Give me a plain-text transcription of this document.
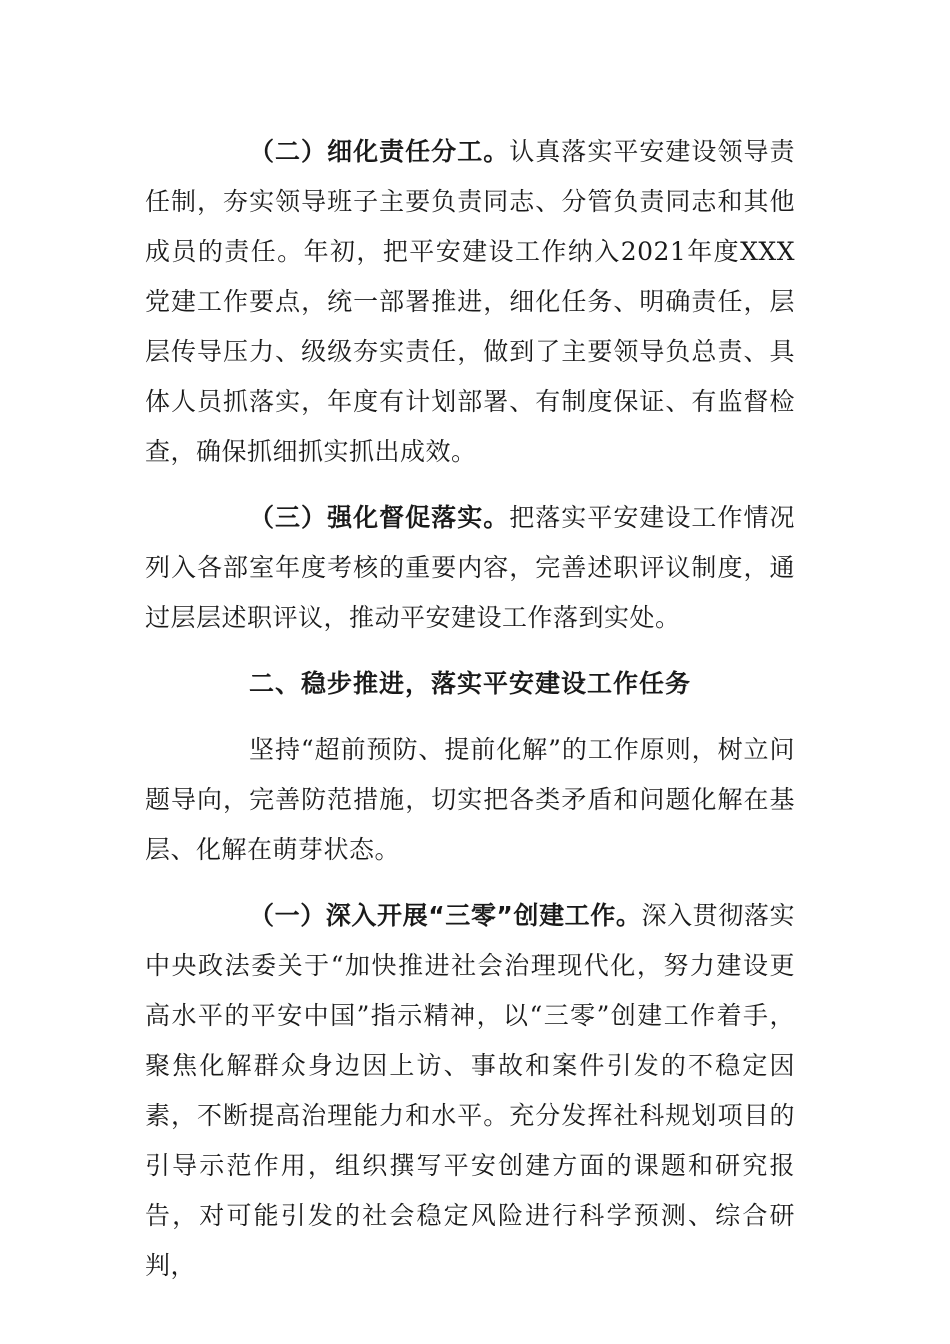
（二）细化责任分工。认真落实平安建设领导责任制，夯实领导班子主要负责同志、分管负责同志和其他成员的责任。年初，把平安建设工作纳入2021年度XXX党建工作要点，统一部署推进，细化任务、明确责任，层层传导压力、级级夯实责任，做到了主要领导负总责、具体人员抓落实，年度有计划部署、有制度保证、有监督检查，确保抓细抓实抓出成效。

（三）强化督促落实。把落实平安建设工作情况列入各部室年度考核的重要内容，完善述职评议制度，通过层层述职评议，推动平安建设工作落到实处。

二、稳步推进，落实平安建设工作任务

坚持“超前预防、提前化解”的工作原则，树立问题导向，完善防范措施，切实把各类矛盾和问题化解在基层、化解在萌芽状态。

（一）深入开展“三零”创建工作。深入贯彻落实中央政法委关于“加快推进社会治理现代化，努力建设更高水平的平安中国”指示精神，以“三零”创建工作着手，聚焦化解群众身边因上访、事故和案件引发的不稳定因素，不断提高治理能力和水平。充分发挥社科规划项目的引导示范作用，组织撰写平安创建方面的课题和研究报告，对可能引发的社会稳定风险进行科学预测、综合研判，
